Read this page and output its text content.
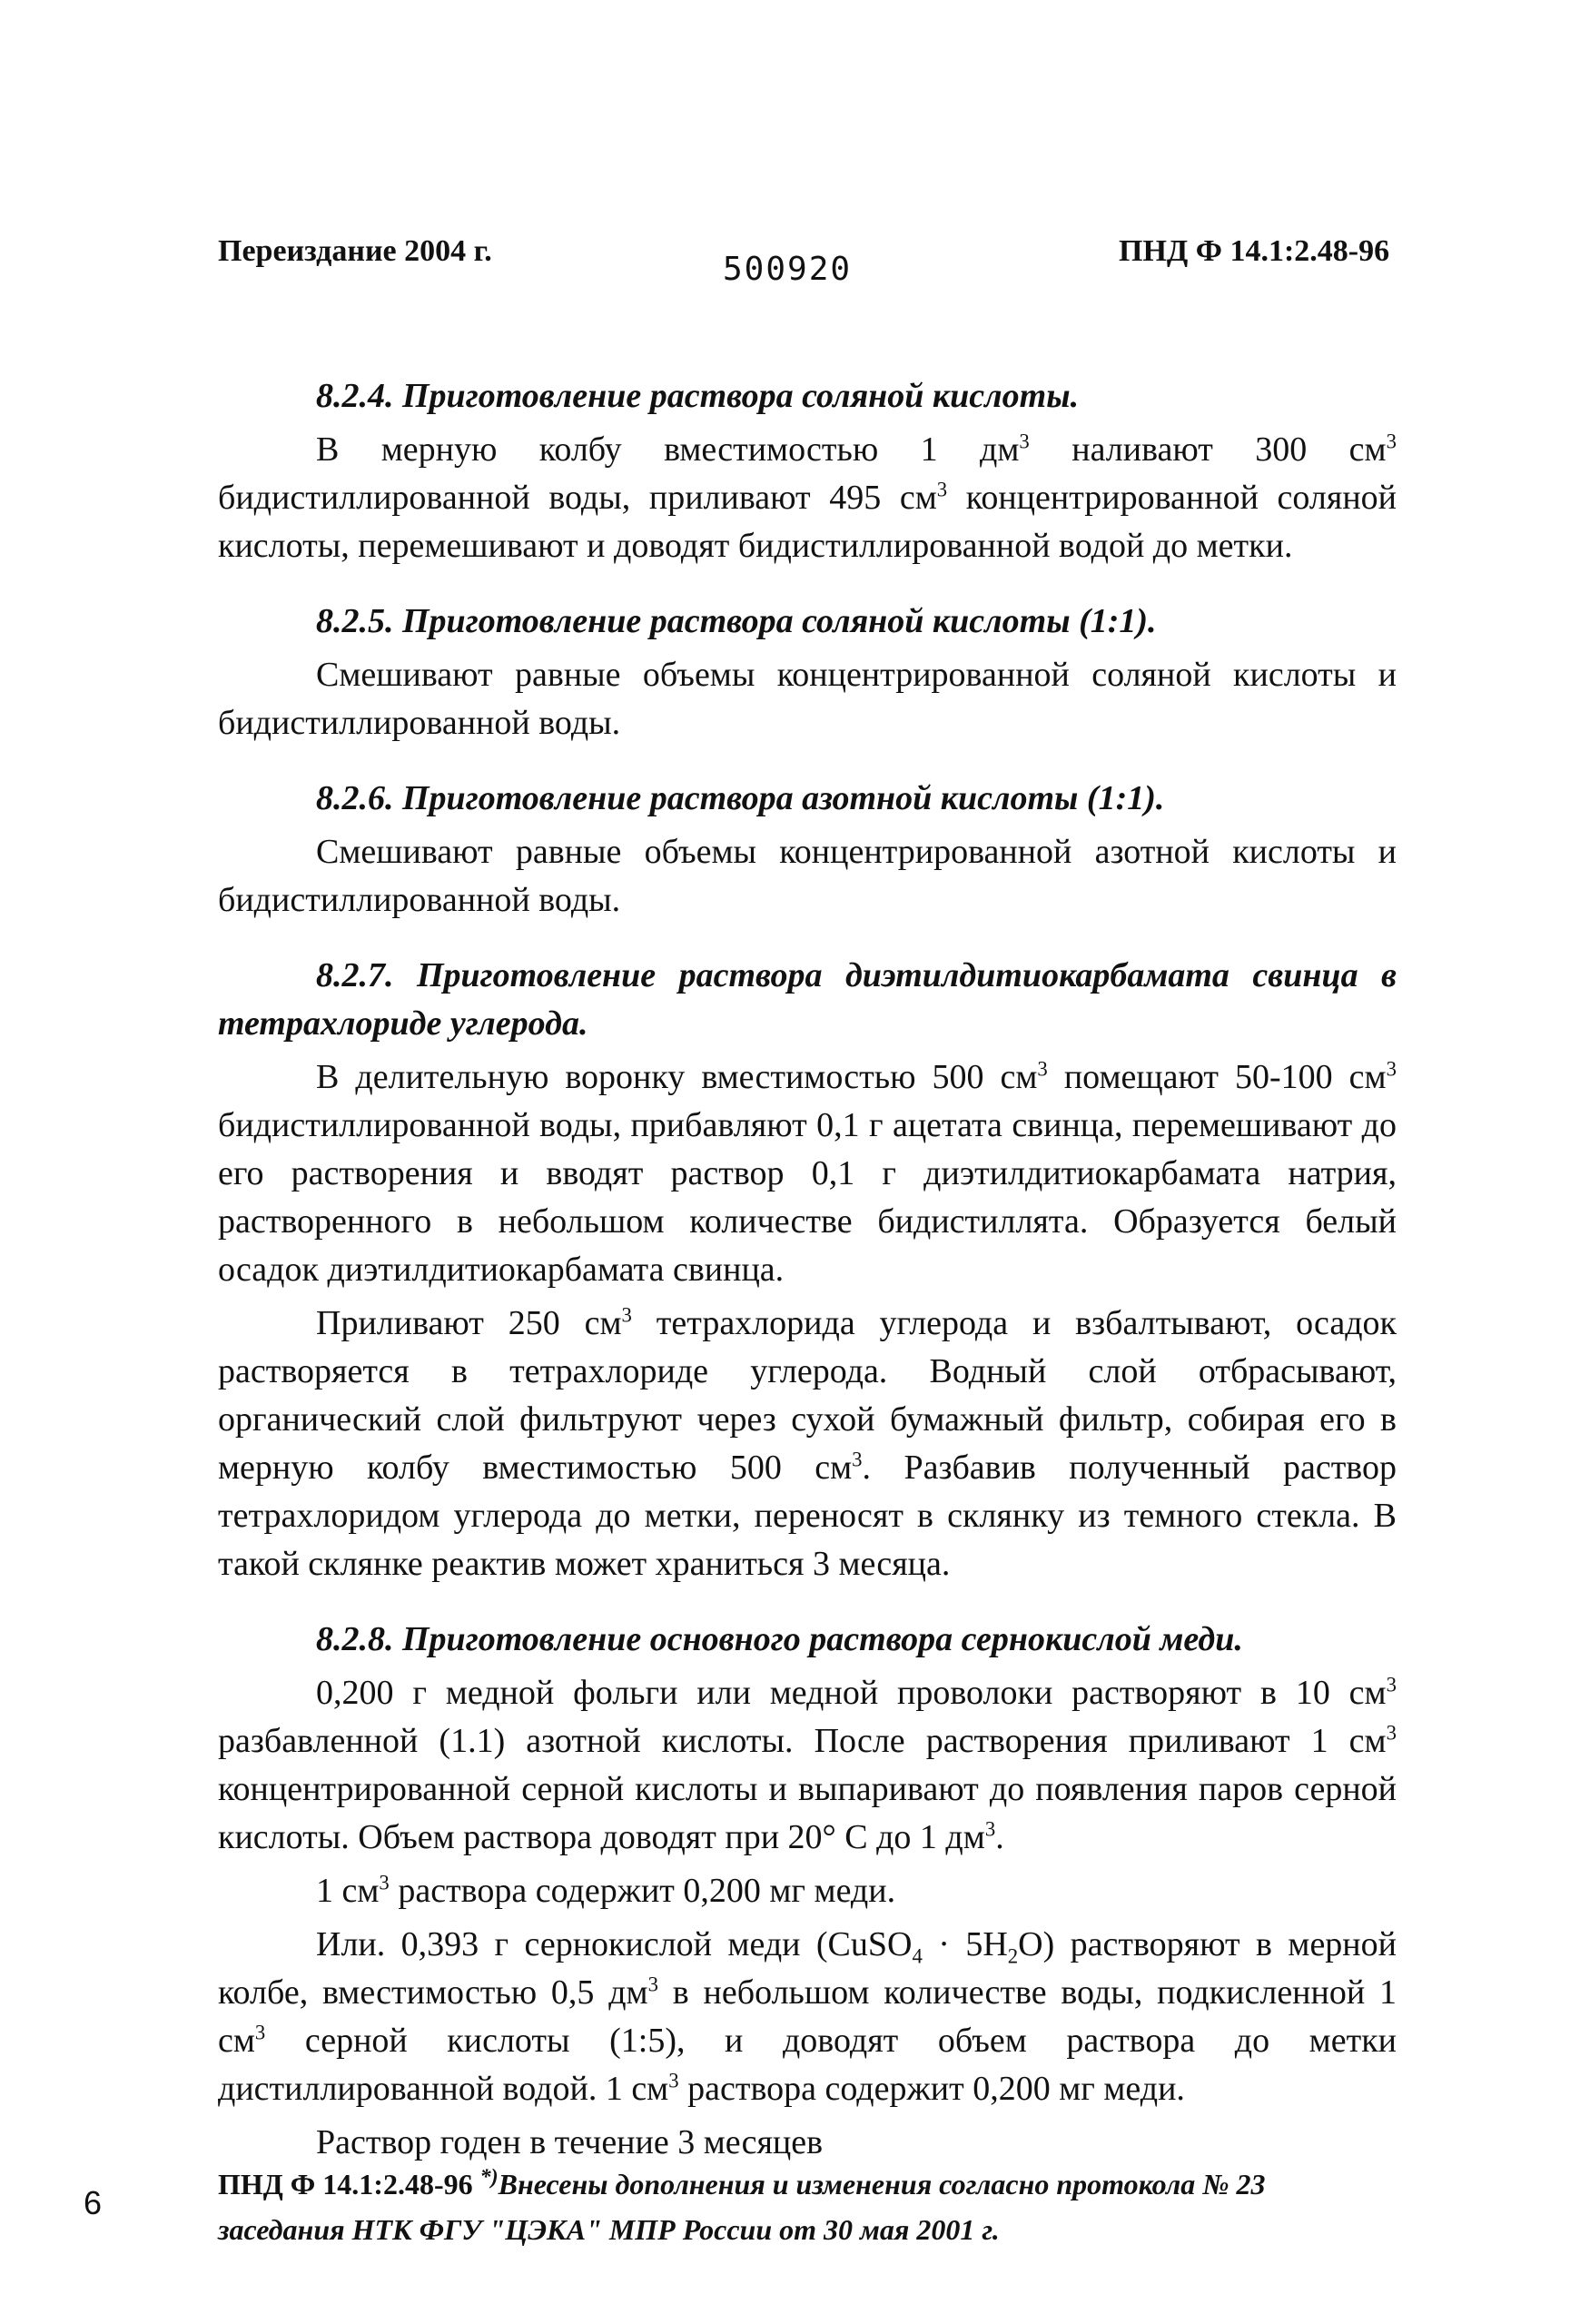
Переиздание 2004 г.	500920	ПНД Ф 14.1:2.48-96

8.2.4. Приготовление раствора соляной кислоты.

В мерную колбу вместимостью 1 $дм^3$ наливают 300 $см^3$ бидистиллированной воды, приливают 495 $см^3$ концентрированной соляной кислоты, перемешивают и доводят бидистиллированной водой до метки.

8.2.5. Приготовление раствора соляной кислоты (1:1).

Смешивают равные объемы концентрированной соляной кислоты и бидистиллированной воды.

8.2.6. Приготовление раствора азотной кислоты (1:1).

Смешивают равные объемы концентрированной азотной кислоты и бидистиллированной воды.

8.2.7. Приготовление раствора диэтилдитиокарбамата свинца в тетрахлориде углерода.

В делительную воронку вместимостью 500 $см^3$ помещают 50-100 $см^3$ бидистиллированной воды, прибавляют 0,1 г ацетата свинца, перемешивают до его растворения и вводят раствор 0,1 г диэтилдитиокарбамата натрия, растворенного в небольшом количестве бидистиллята. Образуется белый осадок диэтилдитиокарбамата свинца.

Приливают 250 $см^3$ тетрахлорида углерода и взбалтывают, осадок растворяется в тетрахлориде углерода. Водный слой отбрасывают, органический слой фильтруют через сухой бумажный фильтр, собирая его в мерную колбу вместимостью 500 $см^3$. Разбавив полученный раствор тетрахлоридом углерода до метки, переносят в склянку из темного стекла. В такой склянке реактив может храниться 3 месяца.

8.2.8. Приготовление основного раствора сернокислой меди.

0,200 г медной фольги или медной проволоки растворяют в 10 $см^3$ разбавленной (1.1) азотной кислоты. После растворения приливают 1 $см^3$ концентрированной серной кислоты и выпаривают до появления паров серной кислоты. Объем раствора доводят при 20° С до 1 $дм^3$.

1 $см^3$ раствора содержит 0,200 мг меди.

Или. 0,393 г сернокислой меди (CuSO$_4$ · $5H_2O$) растворяют в мерной колбе, вместимостью 0,5 $дм^3$ в небольшом количестве воды, подкисленной 1 $см^3$ серной кислоты (1:5), и доводят объем раствора до метки дистиллированной водой. 1 $см^3$ раствора содержит 0,200 мг меди.

Раствор годен в течение 3 месяцев

ПНД Ф 14.1:2.48-96 *)Внесены дополнения и изменения согласно протокола № 23 заседания НТК ФГУ "ЦЭКА" МПР России от 30 мая 2001 г.
6
